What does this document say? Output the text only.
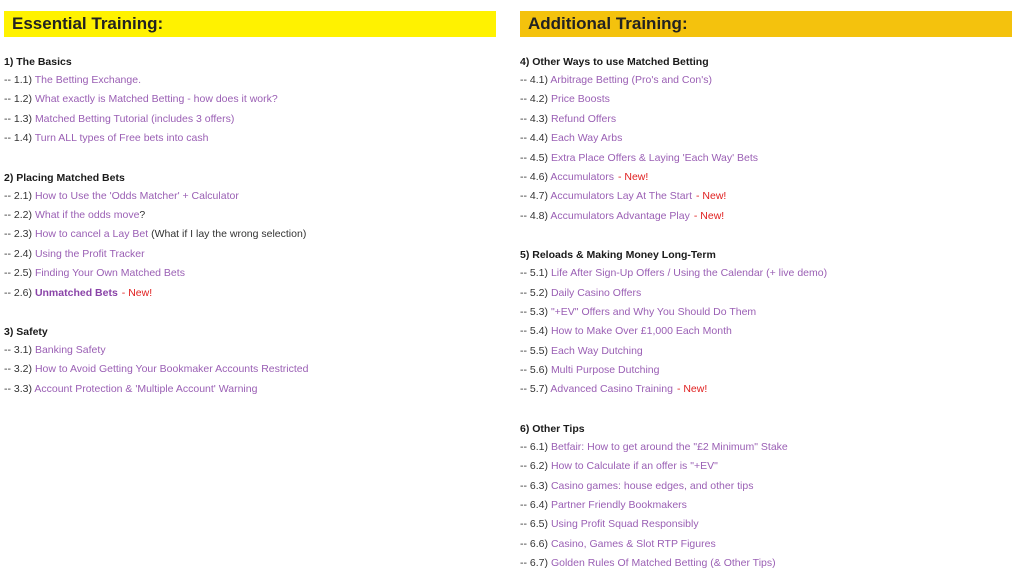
Essential Training:
1) The Basics
-- 1.1) The Betting Exchange.
-- 1.2) What exactly is Matched Betting - how does it work?
-- 1.3) Matched Betting Tutorial (includes 3 offers)
-- 1.4) Turn ALL types of Free bets into cash
2) Placing Matched Bets
-- 2.1) How to Use the 'Odds Matcher' + Calculator
-- 2.2) What if the odds move?
-- 2.3) How to cancel a Lay Bet (What if I lay the wrong selection)
-- 2.4) Using the Profit Tracker
-- 2.5) Finding Your Own Matched Bets
-- 2.6) Unmatched Bets - New!
3) Safety
-- 3.1) Banking Safety
-- 3.2) How to Avoid Getting Your Bookmaker Accounts Restricted
-- 3.3) Account Protection & 'Multiple Account' Warning
Additional Training:
4) Other Ways to use Matched Betting
-- 4.1) Arbitrage Betting (Pro's and Con's)
-- 4.2) Price Boosts
-- 4.3) Refund Offers
-- 4.4) Each Way Arbs
-- 4.5) Extra Place Offers & Laying 'Each Way' Bets
-- 4.6) Accumulators - New!
-- 4.7) Accumulators Lay At The Start - New!
-- 4.8) Accumulators Advantage Play - New!
5) Reloads & Making Money Long-Term
-- 5.1) Life After Sign-Up Offers / Using the Calendar (+ live demo)
-- 5.2) Daily Casino Offers
-- 5.3) "+EV" Offers and Why You Should Do Them
-- 5.4) How to Make Over £1,000 Each Month
-- 5.5) Each Way Dutching
-- 5.6) Multi Purpose Dutching
-- 5.7) Advanced Casino Training - New!
6) Other Tips
-- 6.1) Betfair: How to get around the "£2 Minimum" Stake
-- 6.2) How to Calculate if an offer is "+EV"
-- 6.3) Casino games: house edges, and other tips
-- 6.4) Partner Friendly Bookmakers
-- 6.5) Using Profit Squad Responsibly
-- 6.6) Casino, Games & Slot RTP Figures
-- 6.7) Golden Rules Of Matched Betting (& Other Tips)
